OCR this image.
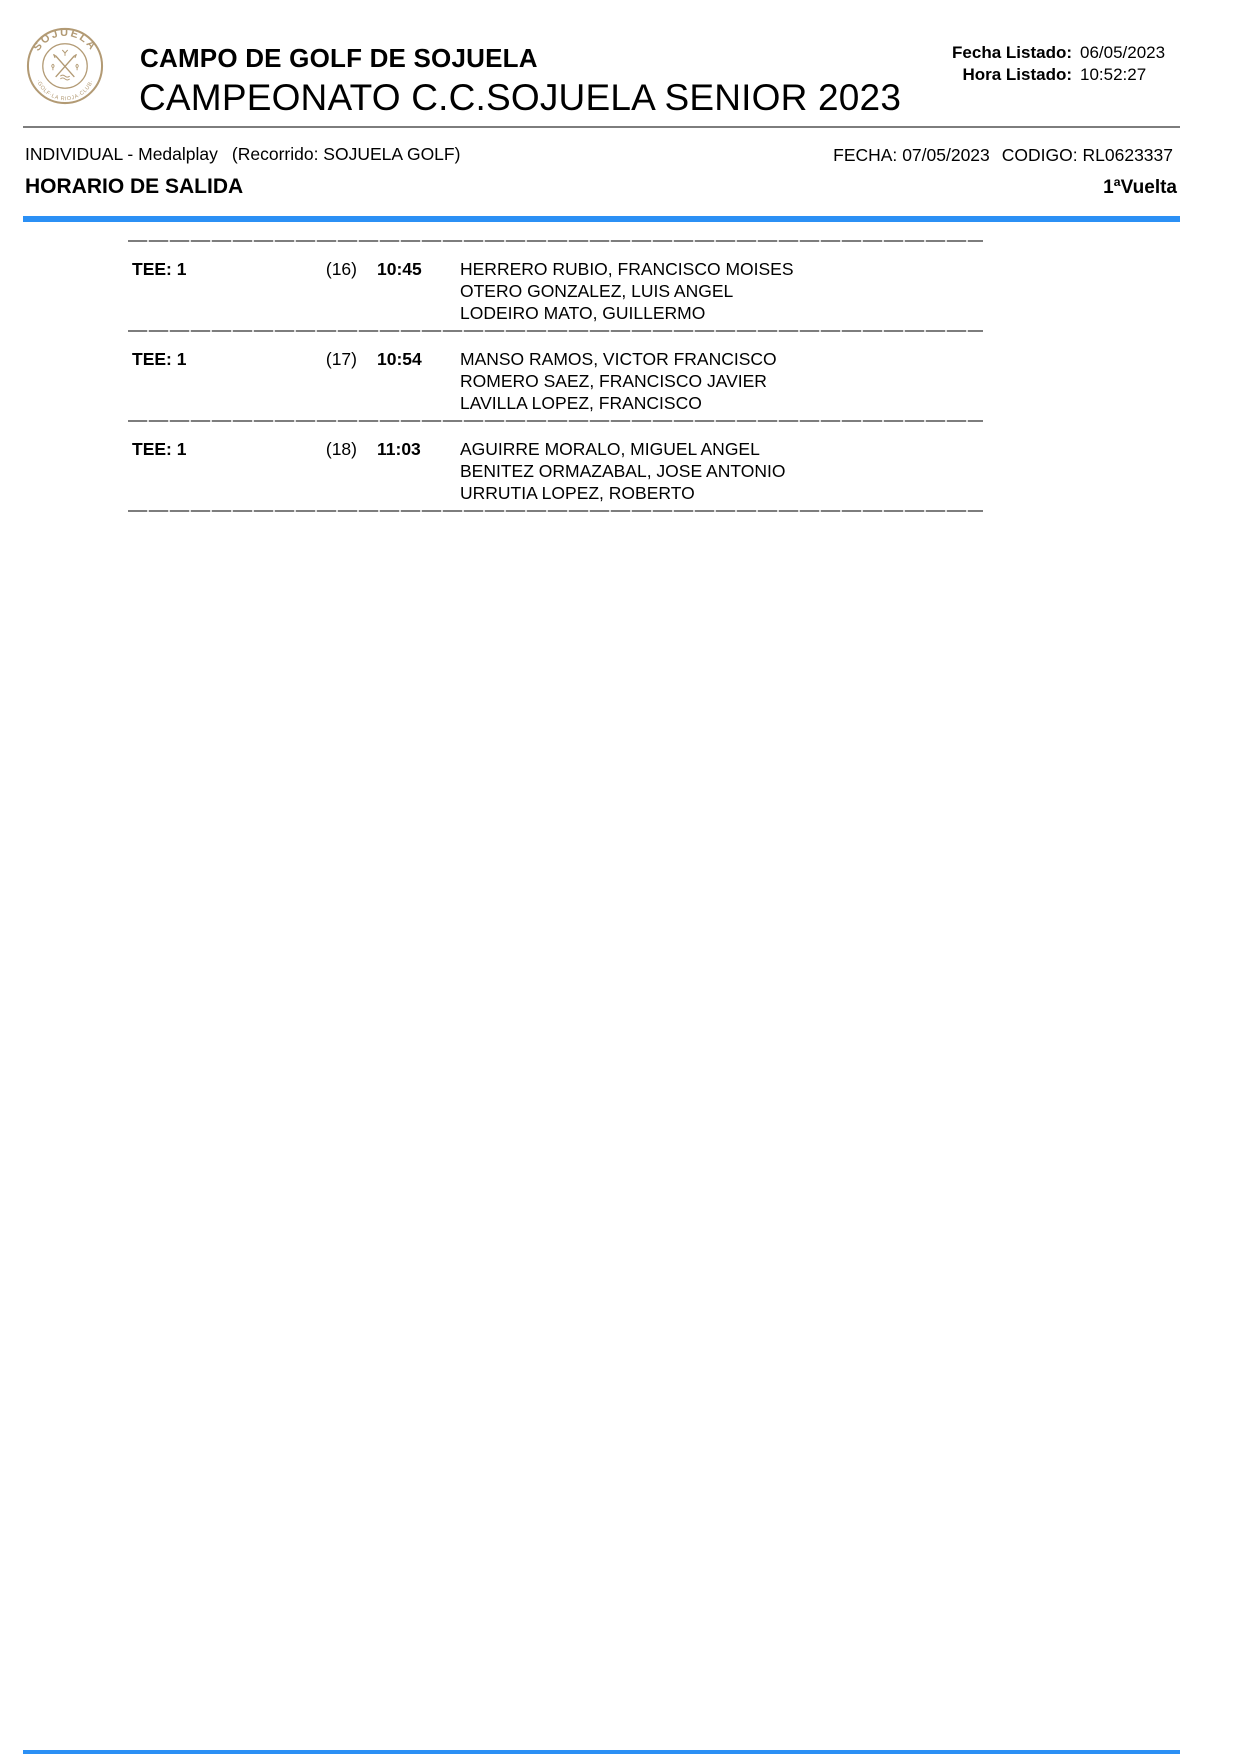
SOJUELA
·GOLF·LA RIOJA·CLUB·
CAMPO DE GOLF DE SOJUELA
CAMPEONATO C.C.SOJUELA SENIOR 2023
Fecha Listado: 06/05/2023
Hora Listado: 10:52:27
INDIVIDUAL - Medalplay (Recorrido: SOJUELA GOLF)	FECHA: 07/05/2023 CODIGO: RL0623337
HORARIO DE SALIDA	1ªVuelta
TEE: 1	(16)	10:45	HERRERO RUBIO, FRANCISCO MOISES
OTERO GONZALEZ, LUIS ANGEL
LODEIRO MATO, GUILLERMO
TEE: 1	(17)	10:54	MANSO RAMOS, VICTOR FRANCISCO
ROMERO SAEZ, FRANCISCO JAVIER
LAVILLA LOPEZ, FRANCISCO
TEE: 1	(18)	11:03	AGUIRRE MORALO, MIGUEL ANGEL
BENITEZ ORMAZABAL, JOSE ANTONIO
URRUTIA LOPEZ, ROBERTO
